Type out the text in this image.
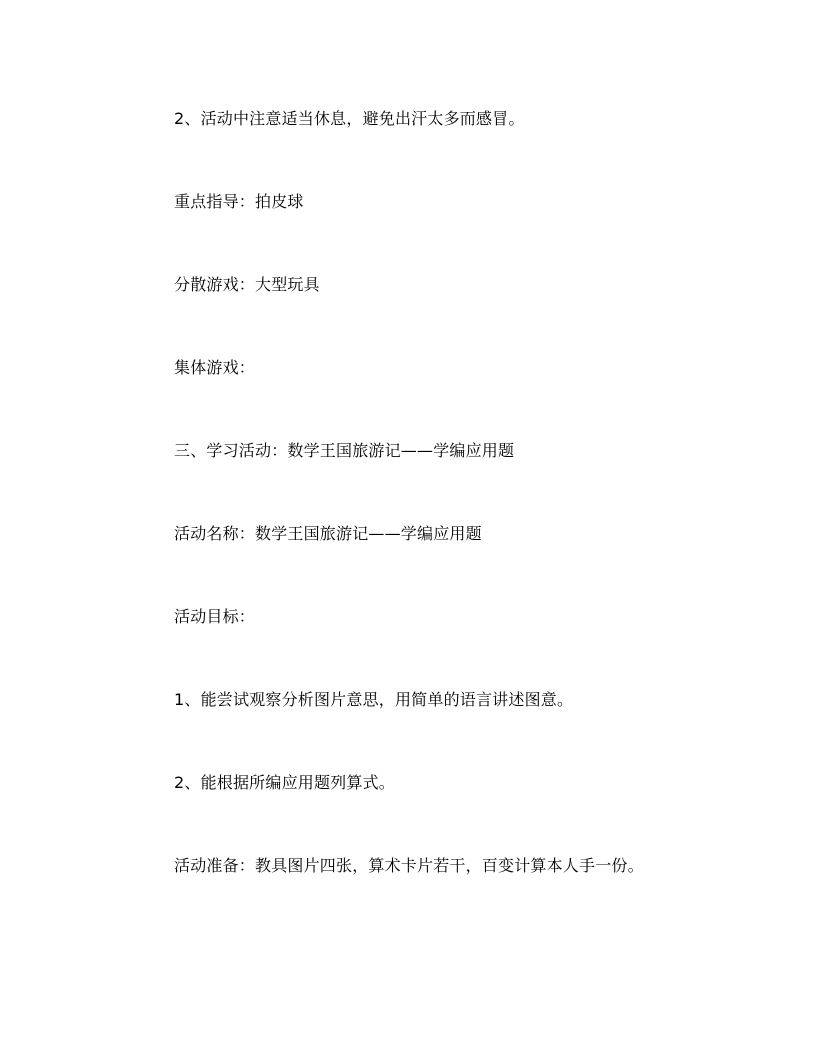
2、活动中注意适当休息，避免出汗太多而感冒。

重点指导：拍皮球

分散游戏：大型玩具

集体游戏：

三、学习活动：数学王国旅游记——学编应用题

活动名称：数学王国旅游记——学编应用题

活动目标：

1、能尝试观察分析图片意思，用简单的语言讲述图意。

2、能根据所编应用题列算式。

活动准备：教具图片四张，算术卡片若干，百变计算本人手一份。
